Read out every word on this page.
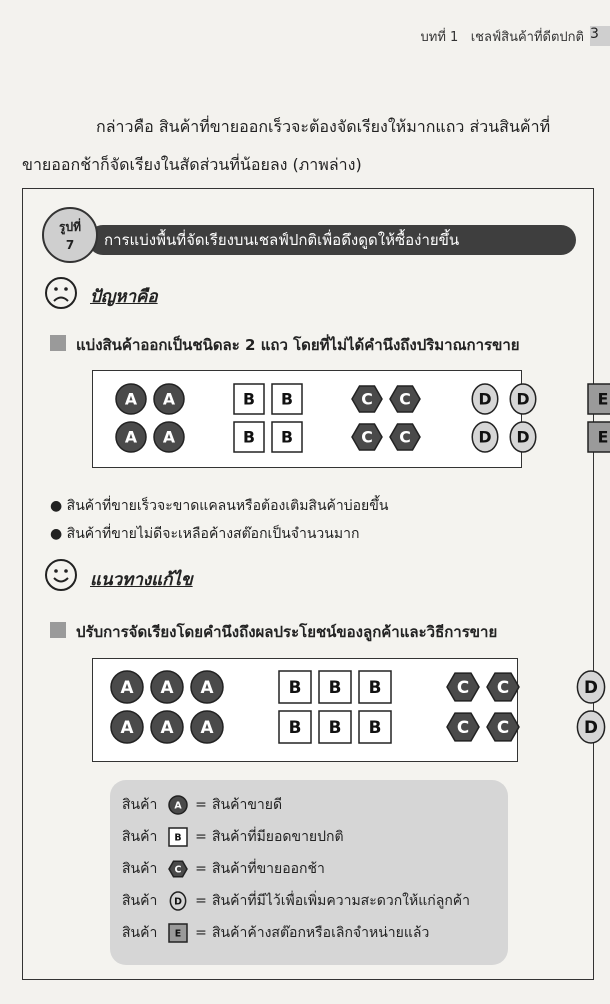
บทที่ 1 เชลฟ์สินค้าที่ดีตปกติ 3
กล่าวคือ สินค้าที่ขายออกเร็วจะต้องจัดเรียงให้มากแถว ส่วนสินค้าที่
ขายออกช้าก็จัดเรียงในสัดส่วนที่น้อยลง (ภาพล่าง)
การแบ่งพื้นที่จัดเรียงบนเชลฟ์ปกติเพื่อดึงดูดให้ซื้อง่ายขึ้น
รูปที่
7
ปัญหาคือ
แบ่งสินค้าออกเป็นชนิดละ 2 แถว โดยที่ไม่ได้คำนึงถึงปริมาณการขาย
A A	B B	C C	D D	E
A A	B B	C C	D D	E
● สินค้าที่ขายเร็วจะขาดแคลนหรือต้องเติมสินค้าบ่อยขึ้น
● สินค้าที่ขายไม่ดีจะเหลือค้างสต๊อกเป็นจำนวนมาก
แนวทางแก้ไข
ปรับการจัดเรียงโดยคำนึงถึงผลประโยชน์ของลูกค้าและวิธีการขาย
A A A	B B B	C C	D
A A A	B B B	C C	D
สินค้า A = สินค้าขายดี
สินค้า B = สินค้าที่มียอดขายปกติ
สินค้า C = สินค้าที่ขายออกช้า
สินค้า D = สินค้าที่มีไว้เพื่อเพิ่มความสะดวกให้แก่ลูกค้า
สินค้า E = สินค้าค้างสต๊อกหรือเลิกจำหน่ายแล้ว
